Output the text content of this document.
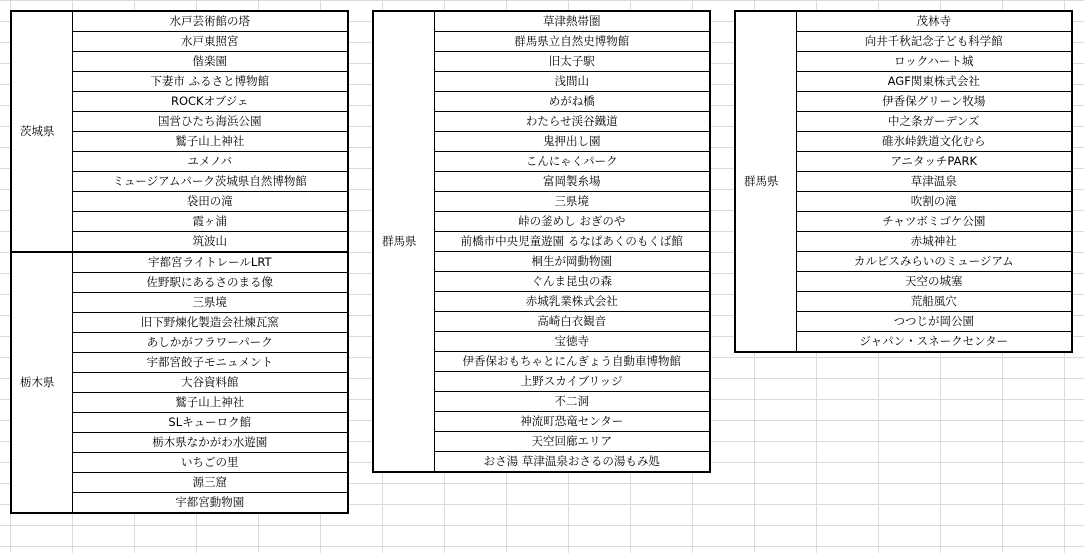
茨城県	水戸芸術館の塔
	水戸東照宮
	偕楽園
	下妻市 ふるさと博物館
	ROCKオブジェ
	国営ひたち海浜公園
	鷲子山上神社
	ユメノバ
	ミュージアムパーク茨城県自然博物館
	袋田の滝
	霞ヶ浦
	筑波山
栃木県	宇都宮ライトレールLRT
	佐野駅にあるさのまる像
	三県境
	旧下野煉化製造会社煉瓦窯
	あしかがフラワーパーク
	宇都宮餃子モニュメント
	大谷資料館
	鷲子山上神社
	SLキューロク館
	栃木県なかがわ水遊園
	いちごの里
	源三窟
	宇都宮動物園
群馬県	草津熱帯圏
群馬県立自然史博物館
旧太子駅
浅間山
めがね橋
わたらせ渓谷鐵道
鬼押出し園
こんにゃくパーク
富岡製糸場
三県境
峠の釜めし おぎのや
前橋市中央児童遊園 るなぱあくのもくば館
桐生が岡動物園
ぐんま昆虫の森
赤城乳業株式会社
高崎白衣観音
宝徳寺
伊香保おもちゃとにんぎょう自動車博物館
上野スカイブリッジ
不二洞
神流町恐竜センター
天空回廊エリア
おさ湯 草津温泉おさるの湯もみ処
群馬県	茂林寺
向井千秋記念子ども科学館
ロックハート城
AGF関東株式会社
伊香保グリーン牧場
中之条ガーデンズ
碓氷峠鉄道文化むら
アニタッチPARK
草津温泉
吹割の滝
チャツボミゴケ公園
赤城神社
カルピスみらいのミュージアム
天空の城塞
荒船風穴
つつじが岡公園
ジャパン・スネークセンター
